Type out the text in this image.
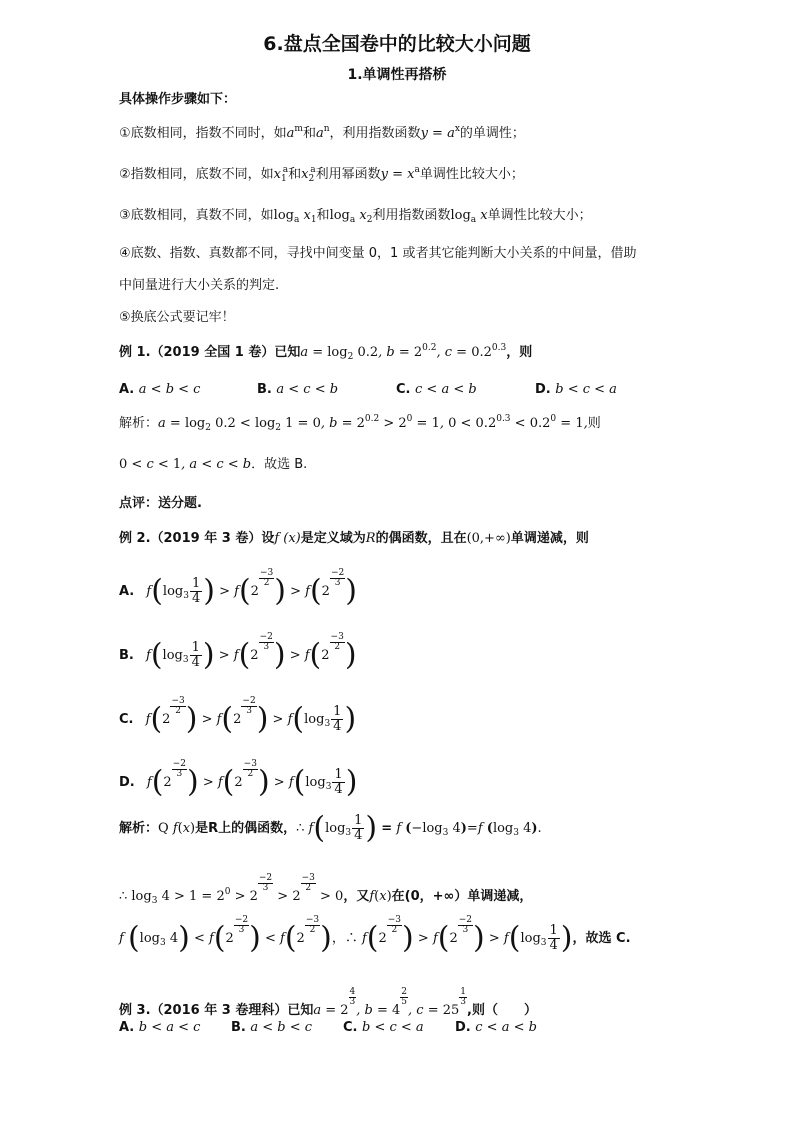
6.盘点全国卷中的比较大小问题
1.单调性再搭桥
具体操作步骤如下：
①底数相同，指数不同时，如$a^m$和$a^n$，利用指数函数$y = a^x$的单调性；
②指数相同，底数不同，如$x_1^a$和$x_2^a$利用幂函数$y = x^a$单调性比较大小；
③底数相同，真数不同，如$\log_a x_1$和$\log_a x_2$利用指数函数$\log_a x$单调性比较大小；
④底数、指数、真数都不同，寻找中间变量 0，1 或者其它能判断大小关系的中间量，借助
中间量进行大小关系的判定.
⑤换底公式要记牢！
例 1.（2019 全国 1 卷）已知$a = \log_2 0.2$, $b = 2^{0.2}$, $c = 0.2^{0.3}$，则
A. a < b < c	B. a < c < b	C. c < a < b	D. b < c < a
解析：$a = \log_2 0.2 < \log_2 1 = 0$, $b = 2^{0.2} > 2^0 = 1$, $0 < 0.2^{0.3} < 0.2^0 = 1$,则
0 < c < 1, a < c < b．故选 B.
点评：送分题.
例 2.（2019 年 3 卷）设f (x)是定义域为R的偶函数，且在(0,+∞)单调递减，则
A. $f(\log_3 \frac{1}{4}$ ) > f(2
$\frac{-3}{2}$ ) > f(2
$\frac{-2}{3}$ )
B. $f(\log_3 \frac{1}{4}$ ) > f(2
$\frac{-2}{3}$ ) > f(2
$\frac{-3}{2}$ )
C. f(2
$\frac{-3}{2}$ ) > f(2
$\frac{-2}{3}$ ) > $f(\log_3 \frac{1}{4}$ )
D. f(2
$\frac{-2}{3}$ ) > f(2
$\frac{-3}{2}$ ) > $f(\log_3 \frac{1}{4}$ )
解析：Q f(x)是R上的偶函数，∴ $f(\log_3 \frac{1}{4}$ ) = f ($-\log_3$ 4)=f ($\log_3$ 4).
∴ $\log_3 4 > 1 = 2^0 > 2$
$\frac{-2}{3}$
> 2
$\frac{-3}{2}$
> 0，又f(x)在(0，+∞）单调递减，
f ($\log_3$ 4) < f(2
$\frac{-2}{3}$ ) < f(2
$\frac{-3}{2}$ )，∴ f(2
$\frac{-3}{2}$ ) > f(2
$\frac{-2}{3}$ ) > $f(\log_3 \frac{1}{4}$ )，故选 C.
例 3.（2016 年 3 卷理科）已知a = 2
$\frac{4}{3}$
, b = 4
$\frac{2}{5}$
, c = 25
$\frac{1}{3}$
,则（　　）
A. b < a < c B. a < b < c C. b < c < a D. c < a < b
